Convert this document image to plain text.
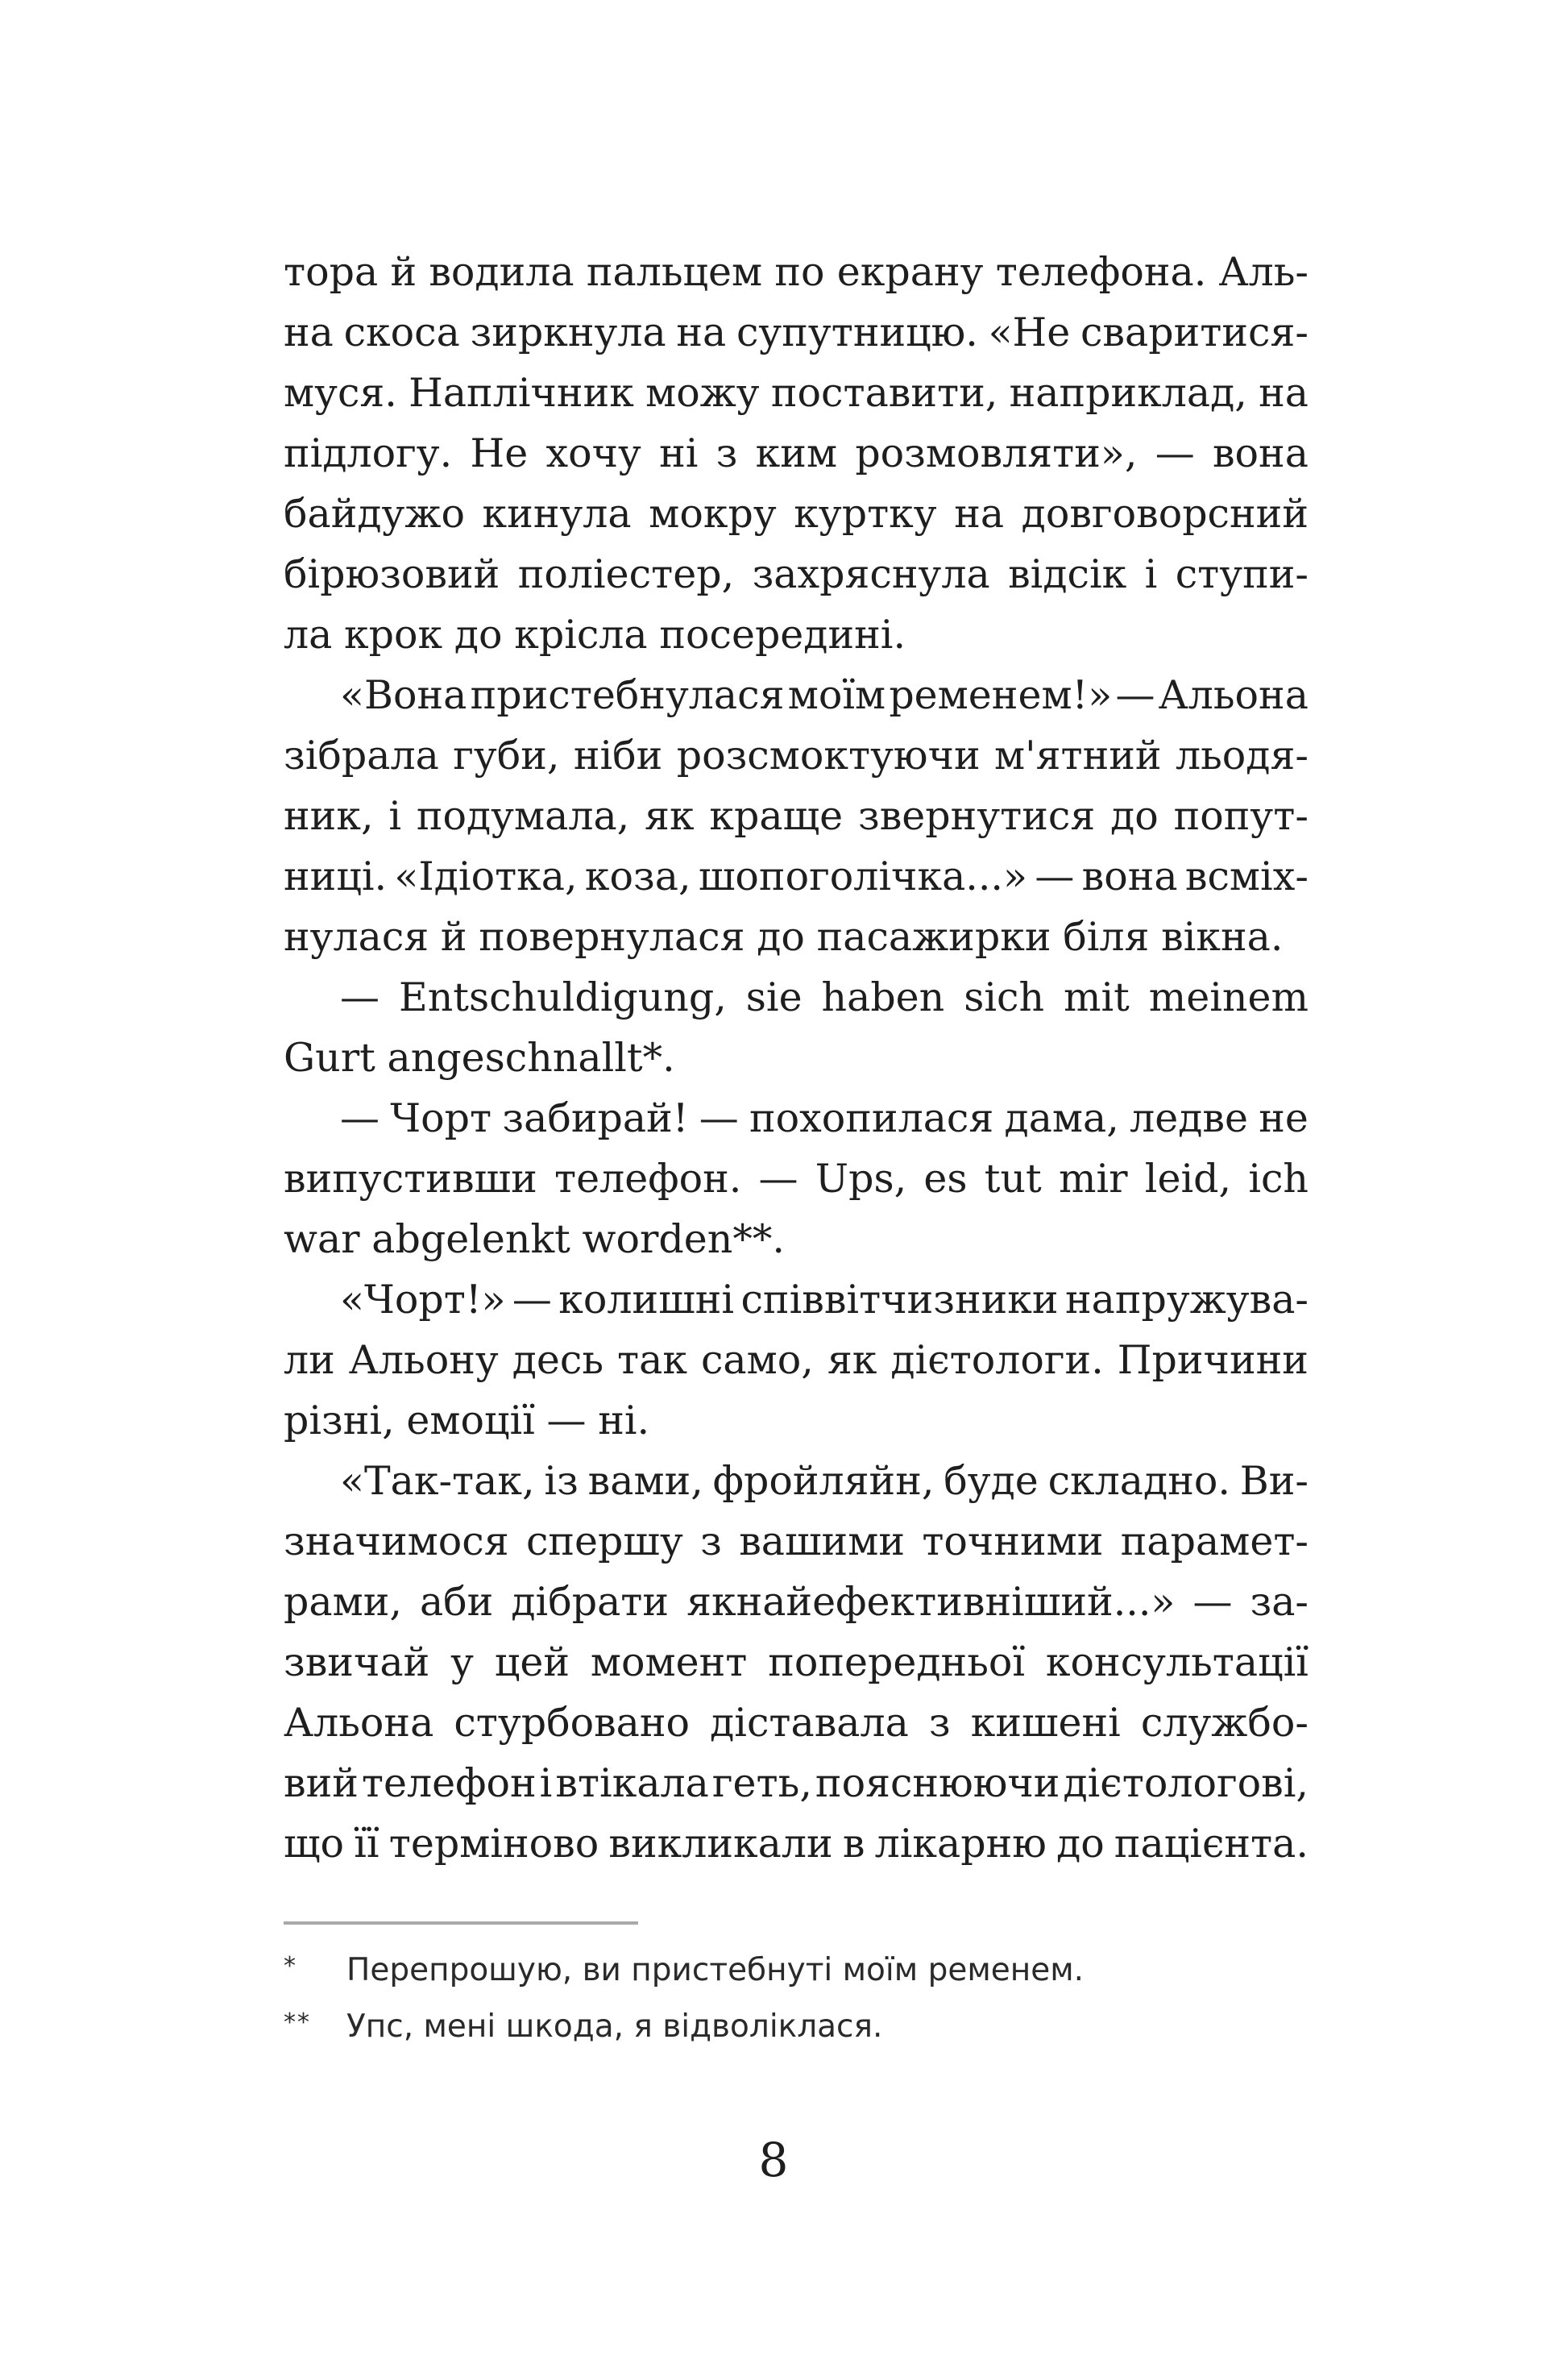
тора й водила пальцем по екрану телефона. Аль-
на скоса зиркнула на супутницю. «Не сваритися-
муся. Наплічник можу поставити, наприклад, на
підлогу. Не хочу ні з ким розмовляти», — вона
байдужо кинула мокру куртку на довговорсний
бірюзовий поліестер, захряснула відсік і ступи-
ла крок до крісла посередині.
«Вона пристебнулася моїм ременем!» — Альона
зібрала губи, ніби розсмоктуючи м'ятний льодя-
ник, і подумала, як краще звернутися до попут-
ниці. «Ідіотка, коза, шопоголічка...» — вона всміх-
нулася й повернулася до пасажирки біля вікна.
— Entschuldigung, sie haben sich mit meinem
Gurt angeschnallt*.
— Чорт забирай! — похопилася дама, ледве не
випустивши телефон. — Ups, es tut mir leid, ich
war abgelenkt worden**.
«Чорт!» — колишні співвітчизники напружува-
ли Альону десь так само, як дієтологи. Причини
різні, емоції — ні.
«Так-так, із вами, фройляйн, буде складно. Ви-
значимося спершу з вашими точними парамет-
рами, аби дібрати якнайефективніший...» — за-
звичай у цей момент попередньої консультації
Альона стурбовано діставала з кишені службо-
вий телефон і втікала геть, пояснюючи дієтологові,
що її терміново викликали в лікарню до пацієнта.
*	Перепрошую, ви пристебнуті моїм ременем.
**	Упс, мені шкода, я відволіклася.
8
